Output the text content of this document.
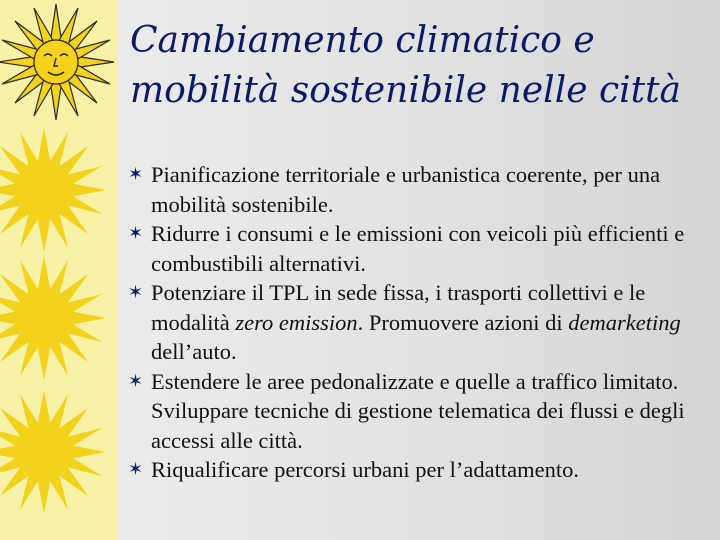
Cambiamento climatico e
mobilità sostenibile nelle città
✶ Pianificazione territoriale e urbanistica coerente, per una mobilità sostenibile.
✶ Ridurre i consumi e le emissioni con veicoli più efficienti e combustibili alternativi.
✶ Potenziare il TPL in sede fissa, i trasporti collettivi e le modalità zero emission. Promuovere azioni di demarketing dell’auto.
✶ Estendere le aree pedonalizzate e quelle a traffico limitato. Sviluppare tecniche di gestione telematica dei flussi e degli accessi alle città.
✶ Riqualificare percorsi urbani per l’adattamento.
